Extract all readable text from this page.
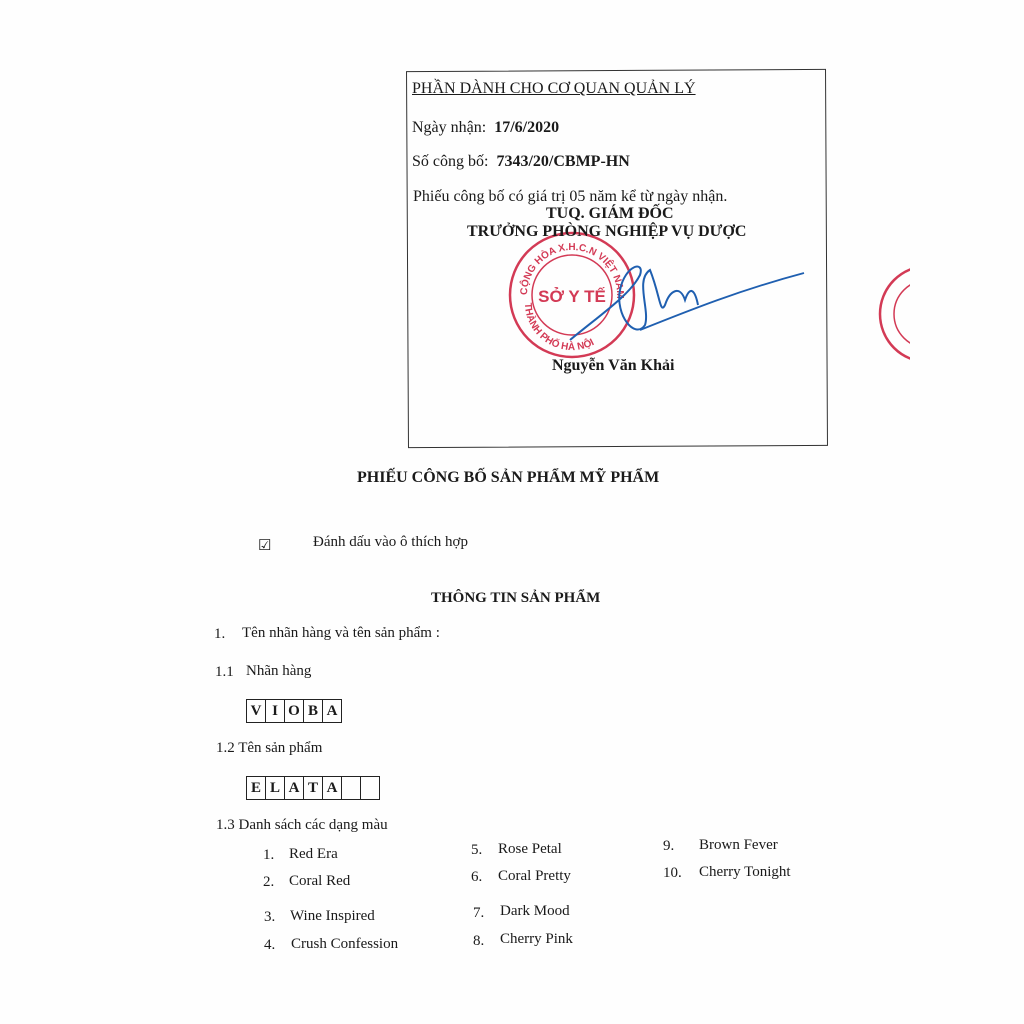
PHẦN DÀNH CHO CƠ QUAN QUẢN LÝ
Ngày nhận: 17/6/2020
Số công bố: 7343/20/CBMP-HN
Phiếu công bố có giá trị 05 năm kể từ ngày nhận.
CỘNG HÒA X.H.C.N VIỆT NAM
THÀNH PHỐ HÀ NỘI
SỞ Y TẾ
TUQ. GIÁM ĐỐC
TRƯỞNG PHÒNG NGHIỆP VỤ DƯỢC
Nguyễn Văn Khải
PHIẾU CÔNG BỐ SẢN PHẨM MỸ PHẨM
☑	Đánh dấu vào ô thích hợp
THÔNG TIN SẢN PHẨM
1. Tên nhãn hàng và tên sản phẩm :
1.1 Nhãn hàng
V I O B A
1.2 Tên sản phẩm
E L A T A
1.3 Danh sách các dạng màu
1. Red Era
2. Coral Red
3. Wine Inspired
4. Crush Confession
5. Rose Petal
6. Coral Pretty
7. Dark Mood
8. Cherry Pink
9. Brown Fever
10. Cherry Tonight
